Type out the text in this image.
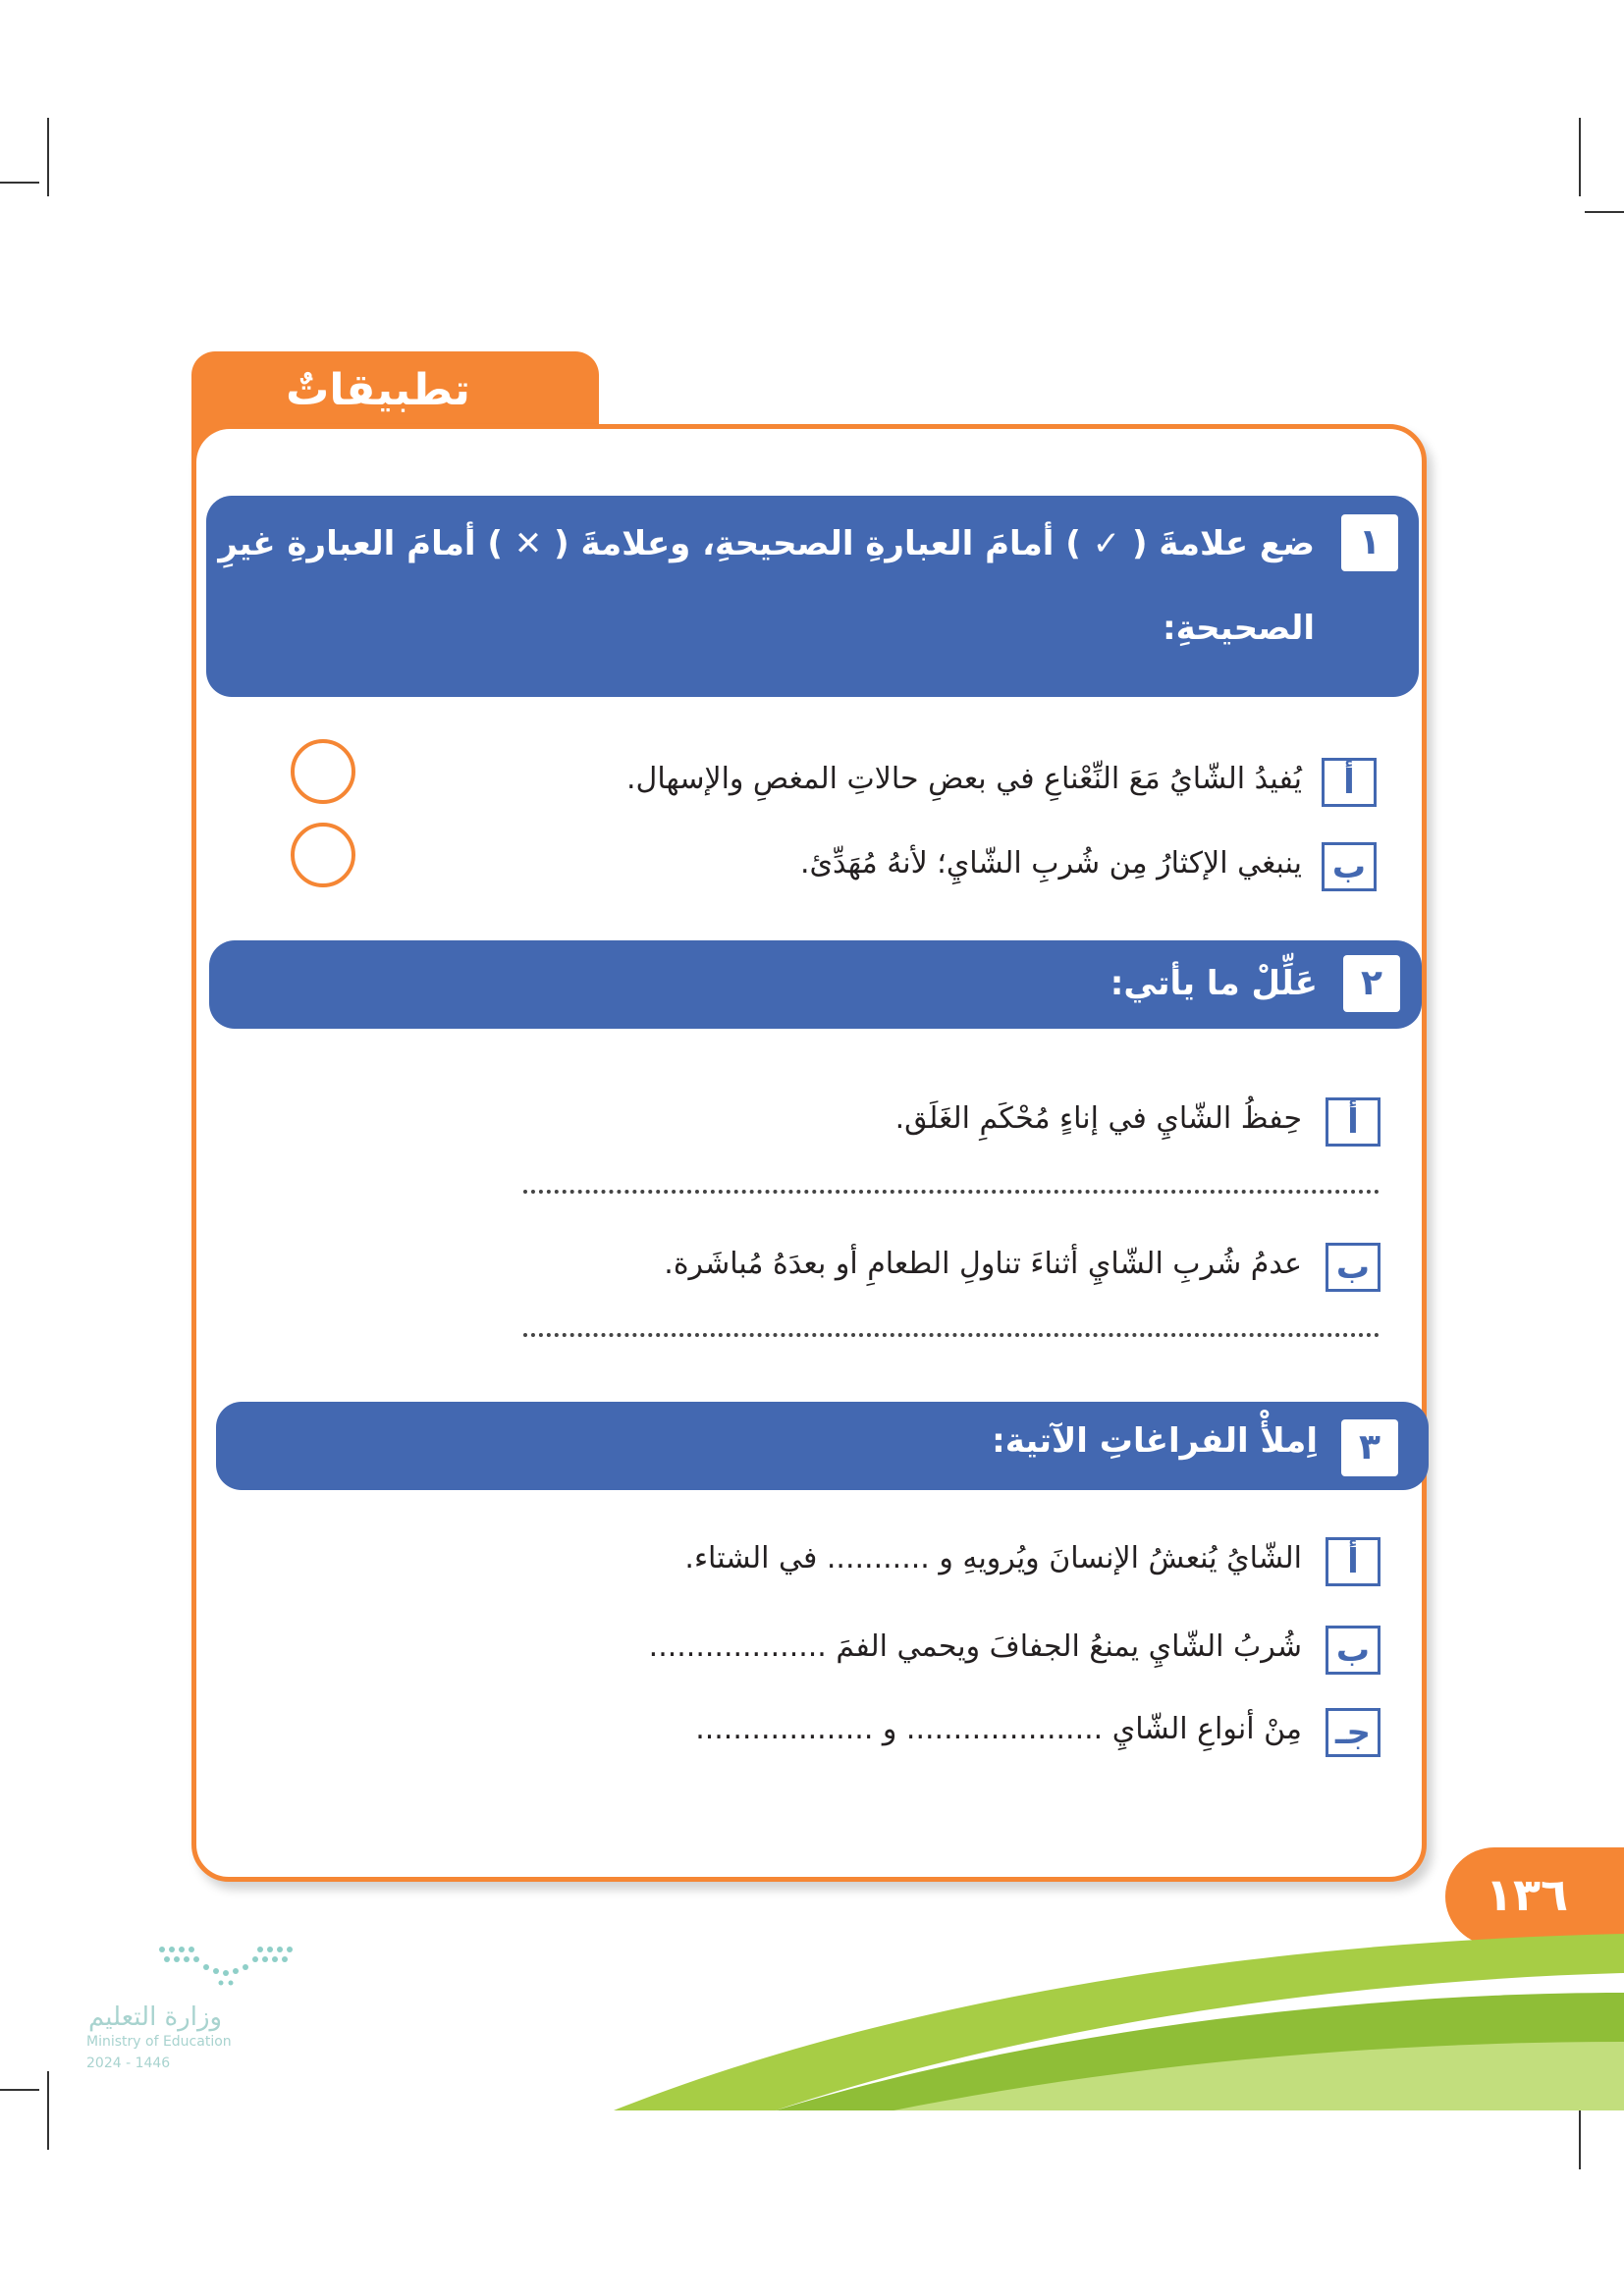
تطبيقاتٌ عامّة
١
ضع علامةَ ( ✓ ) أمامَ العبارةِ الصحيحةِ، وعلامةَ ( ✕ ) أمامَ العبارةِ غيرِ
الصحيحةِ:
أ
يُفيدُ الشّايُ مَعَ النِّعْناعِ في بعضِ حالاتِ المغصِ والإسهال.
ب
ينبغي الإكثارُ مِن شُربِ الشّايِ؛ لأنهُ مُهَدِّئ.
٢
عَلِّلْ ما يأتي:
أ
حِفظُ الشّايِ في إناءٍ مُحْكَمِ الغَلَق.
ب
عدمُ شُربِ الشّايِ أثناءَ تناولِ الطعامِ أو بعدَهُ مُباشَرة.
٣
اِملأْ الفراغاتِ الآتية:
أ
الشّايُ يُنعشُ الإنسانَ ويُرويهِ و ........... في الشتاء.
ب
شُربُ الشّايِ يمنعُ الجفافَ ويحمي الفمَ ...................
جـ
مِنْ أنواعِ الشّايِ ..................... و ...................
١٣٦
وزارة التعليم
Ministry of Education
2024 - 1446
